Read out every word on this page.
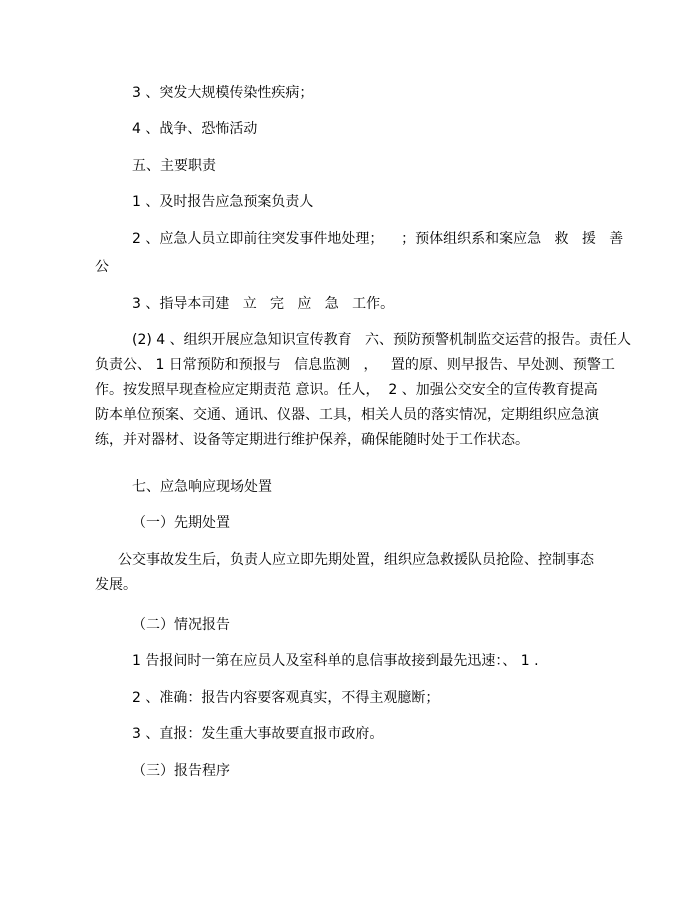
3 、突发大规模传染性疾病；

4 、战争、恐怖活动

五、主要职责

1 、及时报告应急预案负责人

2 、应急人员立即前往突发事件地处理；    ；预体组织系和案应急   救   援   善

公

3 、指导本司建   立   完   应   急   工作。

(2) 4 、组织开展应急知识宣传教育   六、预防预警机制监交运营的报告。责任人
负责公、 1 日常预防和预报与   信息监测   ，   置的原、则早报告、早处测、预警工
作。按发照早现查检应定期责范 意识。任人，  2 、加强公交安全的宣传教育提高
防本单位预案、交通、通讯、仪器、工具，相关人员的落实情况，定期组织应急演
练，并对器材、设备等定期进行维护保养，确保能随时处于工作状态。

七、应急响应现场处置

（一）先期处置

公交事故发生后，负责人应立即先期处置，组织应急救援队员抢险、控制事态
发展。

（二）情况报告

1 告报间时一第在应员人及室科单的息信事故接到最先迅速：、 1 .

2 、准确：报告内容要客观真实，不得主观臆断；

3 、直报：发生重大事故要直报市政府。

（三）报告程序
